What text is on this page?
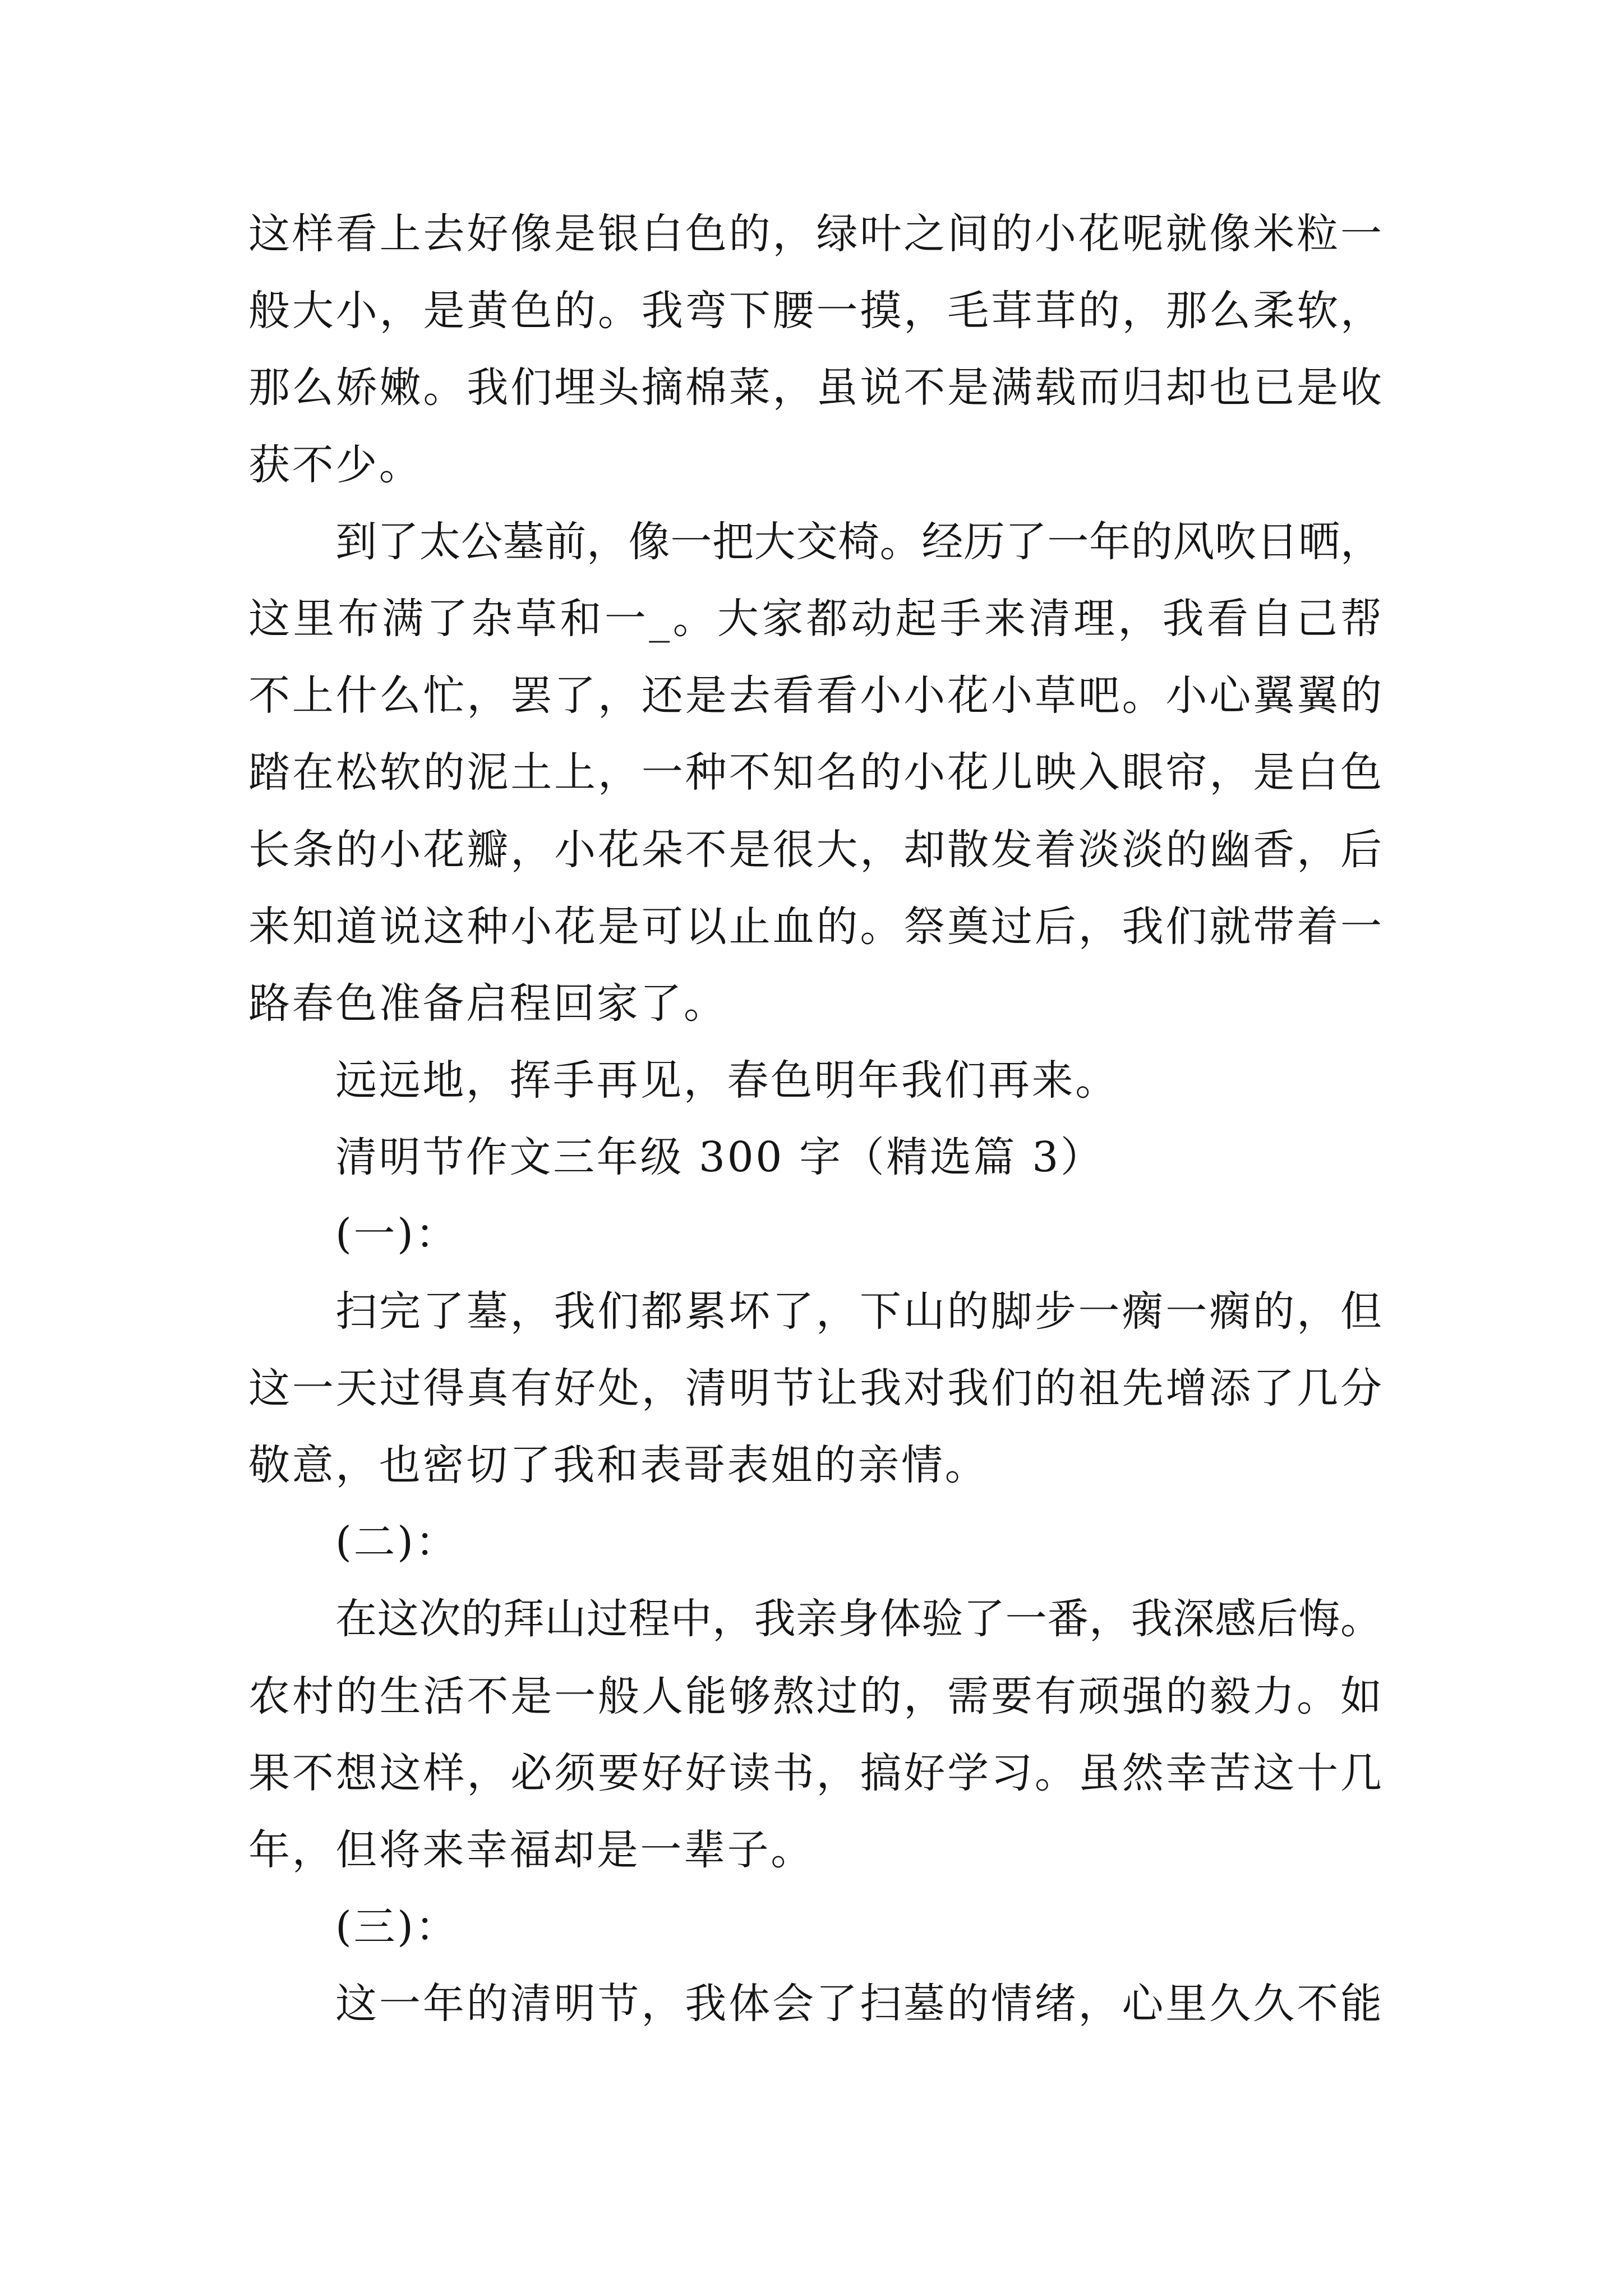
这样看上去好像是银白色的，绿叶之间的小花呢就像米粒一
般大小，是黄色的。我弯下腰一摸，毛茸茸的，那么柔软，
那么娇嫩。我们埋头摘棉菜，虽说不是满载而归却也已是收
获不少。
到了太公墓前，像一把大交椅。经历了一年的风吹日晒，
这里布满了杂草和一_。大家都动起手来清理，我看自己帮
不上什么忙，罢了，还是去看看小小花小草吧。小心翼翼的
踏在松软的泥土上，一种不知名的小花儿映入眼帘，是白色
长条的小花瓣，小花朵不是很大，却散发着淡淡的幽香，后
来知道说这种小花是可以止血的。祭奠过后，我们就带着一
路春色准备启程回家了。
远远地，挥手再见，春色明年我们再来。
清明节作文三年级 300 字（精选篇 3）
(一)：
扫完了墓，我们都累坏了，下山的脚步一瘸一瘸的，但
这一天过得真有好处，清明节让我对我们的祖先增添了几分
敬意，也密切了我和表哥表姐的亲情。
(二)：
在这次的拜山过程中，我亲身体验了一番，我深感后悔。
农村的生活不是一般人能够熬过的，需要有顽强的毅力。如
果不想这样，必须要好好读书，搞好学习。虽然幸苦这十几
年，但将来幸福却是一辈子。
(三)：
这一年的清明节，我体会了扫墓的情绪，心里久久不能
